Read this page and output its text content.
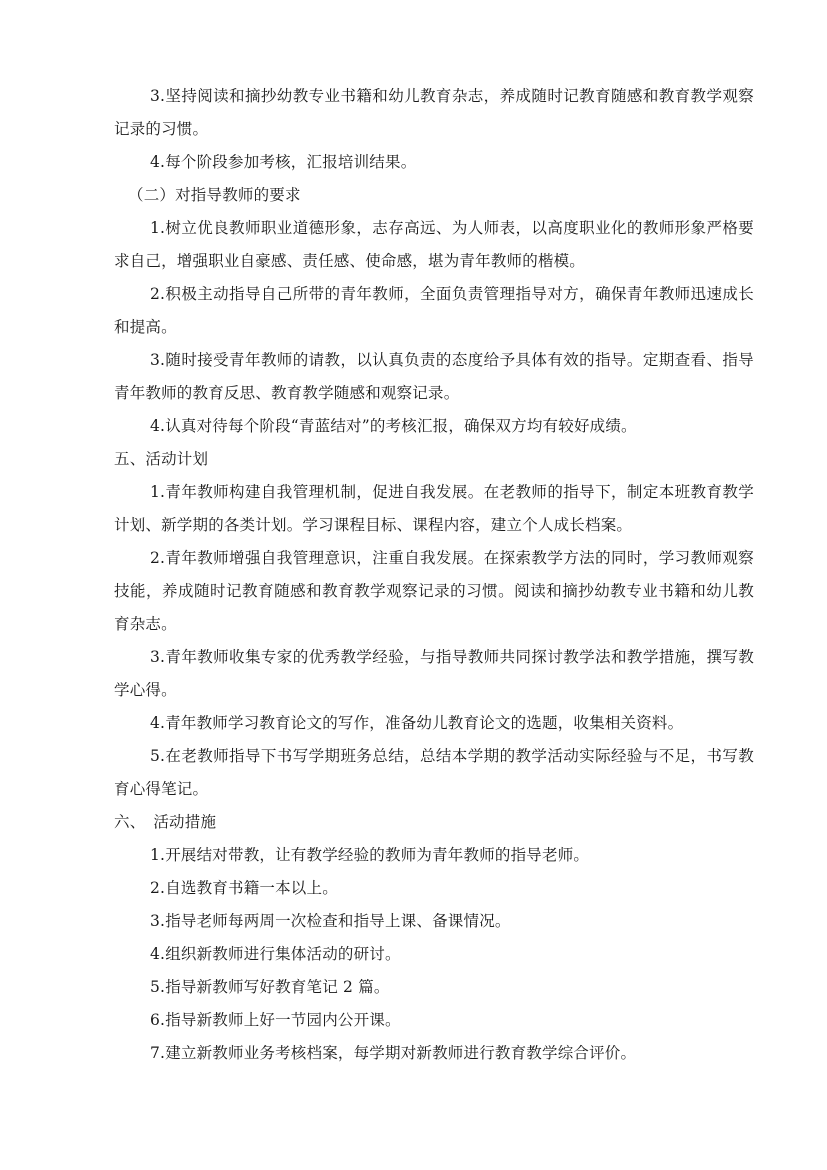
3.坚持阅读和摘抄幼教专业书籍和幼儿教育杂志，养成随时记教育随感和教育教学观察记录的习惯。

4.每个阶段参加考核，汇报培训结果。

（二）对指导教师的要求

1.树立优良教师职业道德形象，志存高远、为人师表，以高度职业化的教师形象严格要求自己，增强职业自豪感、责任感、使命感，堪为青年教师的楷模。

2.积极主动指导自己所带的青年教师，全面负责管理指导对方，确保青年教师迅速成长和提高。

3.随时接受青年教师的请教，以认真负责的态度给予具体有效的指导。定期查看、指导青年教师的教育反思、教育教学随感和观察记录。

4.认真对待每个阶段“青蓝结对”的考核汇报，确保双方均有较好成绩。

五、活动计划

1.青年教师构建自我管理机制，促进自我发展。在老教师的指导下，制定本班教育教学计划、新学期的各类计划。学习课程目标、课程内容，建立个人成长档案。

2.青年教师增强自我管理意识，注重自我发展。在探索教学方法的同时，学习教师观察技能，养成随时记教育随感和教育教学观察记录的习惯。阅读和摘抄幼教专业书籍和幼儿教育杂志。

3.青年教师收集专家的优秀教学经验，与指导教师共同探讨教学法和教学措施，撰写教学心得。

4.青年教师学习教育论文的写作，准备幼儿教育论文的选题，收集相关资料。

5.在老教师指导下书写学期班务总结，总结本学期的教学活动实际经验与不足，书写教育心得笔记。

六、　活动措施

1.开展结对带教，让有教学经验的教师为青年教师的指导老师。

2.自选教育书籍一本以上。

3.指导老师每两周一次检查和指导上课、备课情况。

4.组织新教师进行集体活动的研讨。

5.指导新教师写好教育笔记 2 篇。

6.指导新教师上好一节园内公开课。

7.建立新教师业务考核档案，每学期对新教师进行教育教学综合评价。
